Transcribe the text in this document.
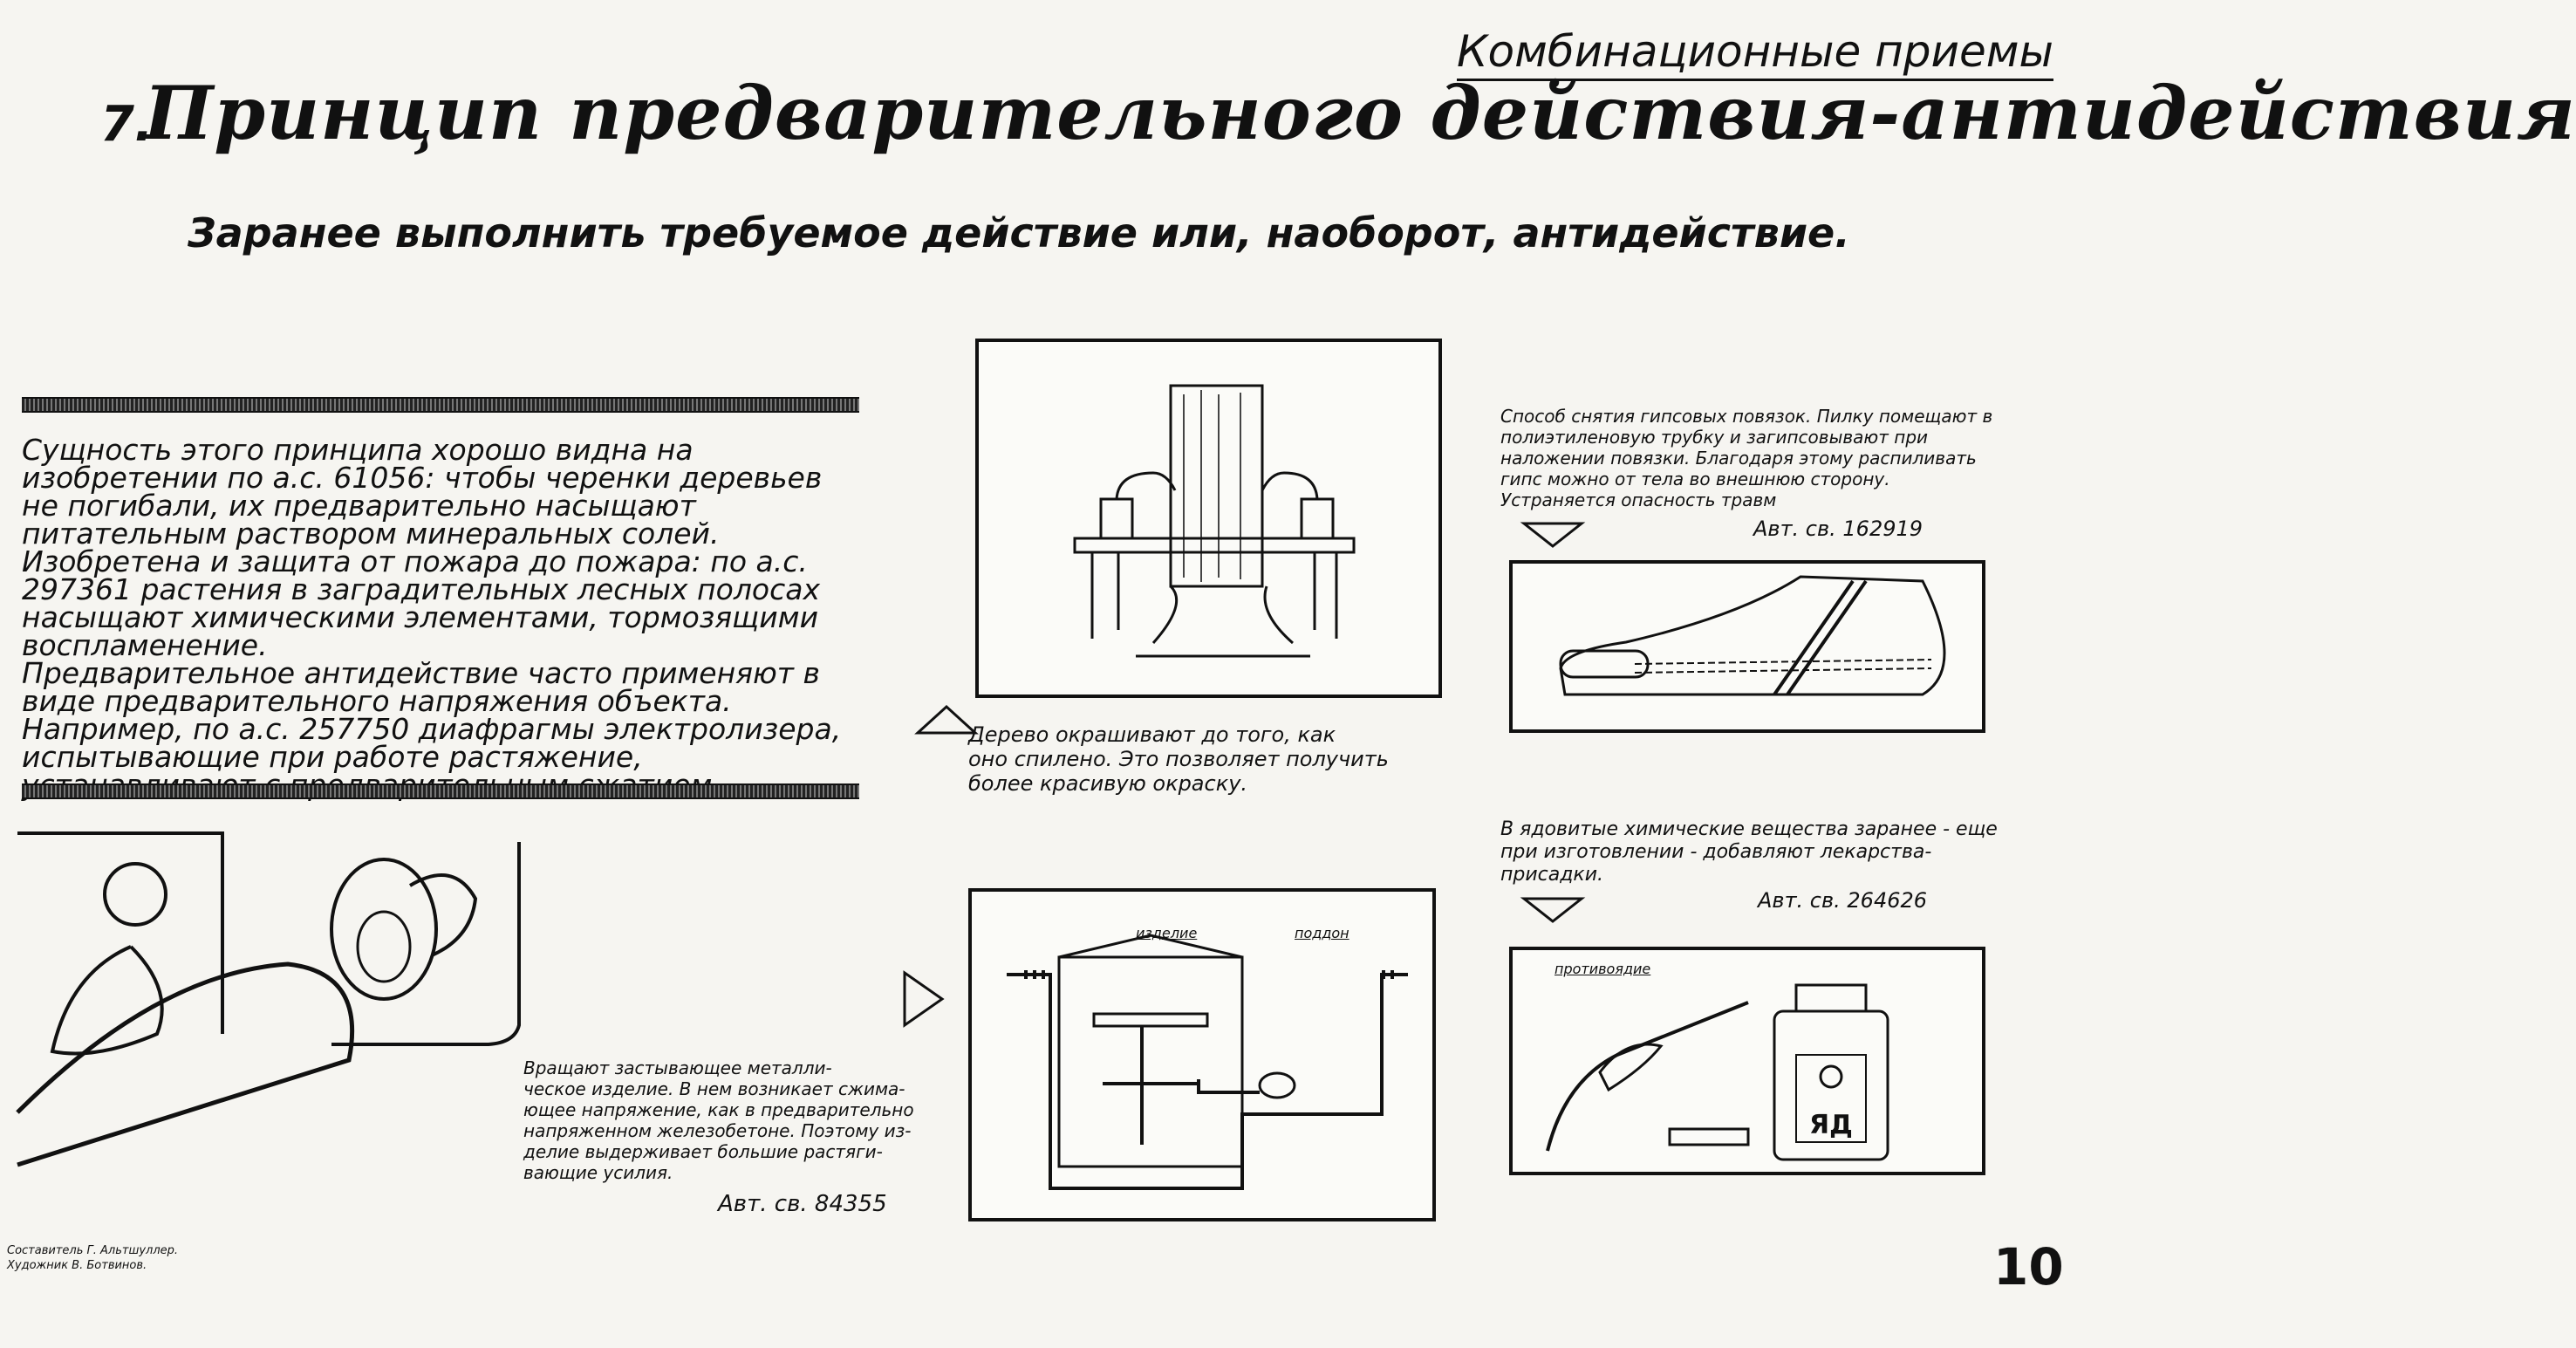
Комбинационные приемы
7.
Принцип предварительного действия-антидействия
Заранее выполнить требуемое действие или, наоборот, антидействие.
Сущность этого принципа хорошо видна на изобретении по а.с. 61056: чтобы черенки деревьев не погибали, их предварительно насыщают питательным раствором минеральных солей. Изобретена и защита от пожара до пожара: по а.с. 297361 растения в заградительных лесных полосах насыщают химическими элементами, тормозящими воспламенение.
Предварительное антидействие часто применяют в виде предварительного напряжения объекта. Например, по а.с. 257750 диафрагмы электролизера, испытывающие при работе растяжение,
Дерево окрашивают до того, как
оно спилено. Это позволяет получить
более красивую окраску.
Способ снятия гипсовых повязок. Пилку помещают в полиэтиленовую трубку и загипсовывают при наложении повязки. Благодаря этому распиливать гипс можно от тела во внешнюю сторону. Устраняется опасность травм
Авт. св. 162919
В ядовитые химические вещества заранее - еще при изготовлении - добавляют лекарства-присадки.
Авт. св. 264626
противоядие
ЯД
Вращают застывающее металли-
ческое изделие. В нем возникает сжима-
ющее напряжение, как в предварительно
напряженном железобетоне. Поэтому из-
делие выдерживает большие растяги-
вающие усилия.
Авт. св. 84355
изделие	поддон
Составитель Г. Альтшуллер.
Художник В. Ботвинов.	10
